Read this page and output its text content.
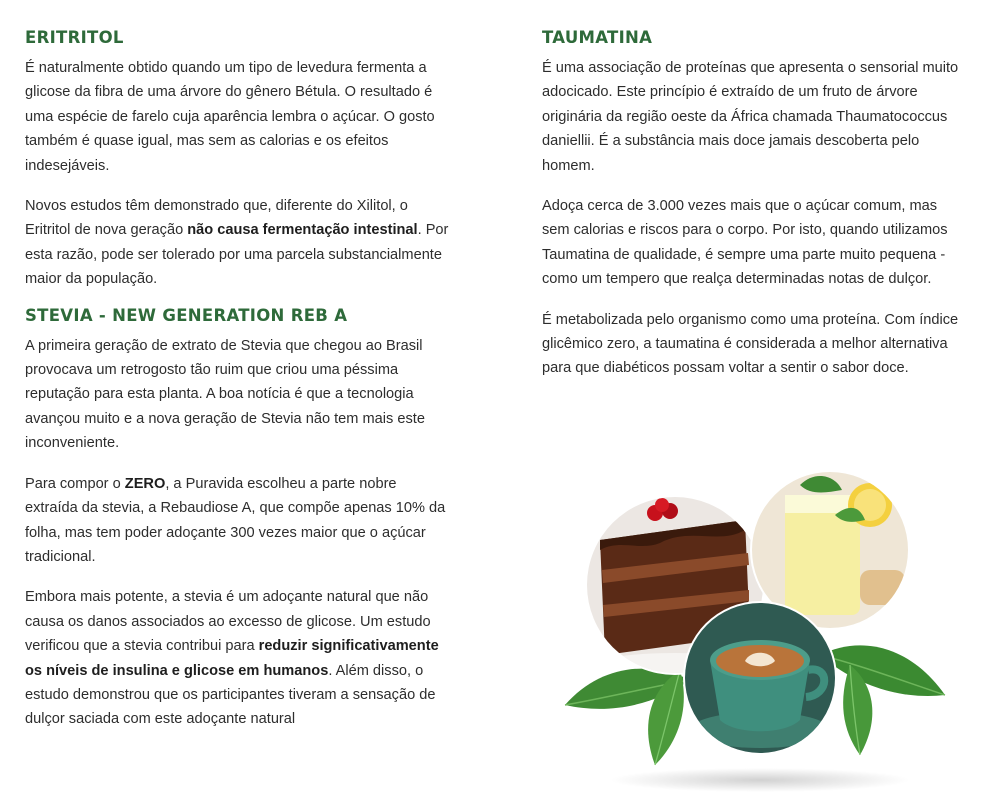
ERITRITOL

É naturalmente obtido quando um tipo de levedura fermenta a glicose da fibra de uma árvore do gênero Bétula. O resultado é uma espécie de farelo cuja aparência lembra o açúcar. O gosto também é quase igual, mas sem as calorias e os efeitos indesejáveis.

Novos estudos têm demonstrado que, diferente do Xilitol, o Eritritol de nova geração não causa fermentação intestinal. Por esta razão, pode ser tolerado por uma parcela substancialmente maior da população.

STEVIA - NEW GENERATION REB A

A primeira geração de extrato de Stevia que chegou ao Brasil provocava um retrogosto tão ruim que criou uma péssima reputação para esta planta. A boa notícia é que a tecnologia avançou muito e a nova geração de Stevia não tem mais este inconveniente.

Para compor o ZERO, a Puravida escolheu a parte nobre extraída da stevia, a Rebaudiose A, que compõe apenas 10% da folha, mas tem poder adoçante 300 vezes maior que o açúcar tradicional.

Embora mais potente, a stevia é um adoçante natural que não causa os danos associados ao excesso de glicose. Um estudo verificou que a stevia contribui para reduzir significativamente os níveis de insulina e glicose em humanos. Além disso, o estudo demonstrou que os participantes tiveram a sensação de dulçor saciada com este adoçante natural

TAUMATINA

É uma associação de proteínas que apresenta o sensorial muito adocicado. Este princípio é extraído de um fruto de árvore originária da região oeste da África chamada Thaumatococcus daniellii. É a substância mais doce jamais descoberta pelo homem.

Adoça cerca de 3.000 vezes mais que o açúcar comum, mas sem calorias e riscos para o corpo. Por isto, quando utilizamos Taumatina de qualidade, é sempre uma parte muito pequena - como um tempero que realça determinadas notas de dulçor.

É metabolizada pelo organismo como uma proteína. Com índice glicêmico zero, a taumatina é considerada a melhor alternativa para que diabéticos possam voltar a sentir o sabor doce.
